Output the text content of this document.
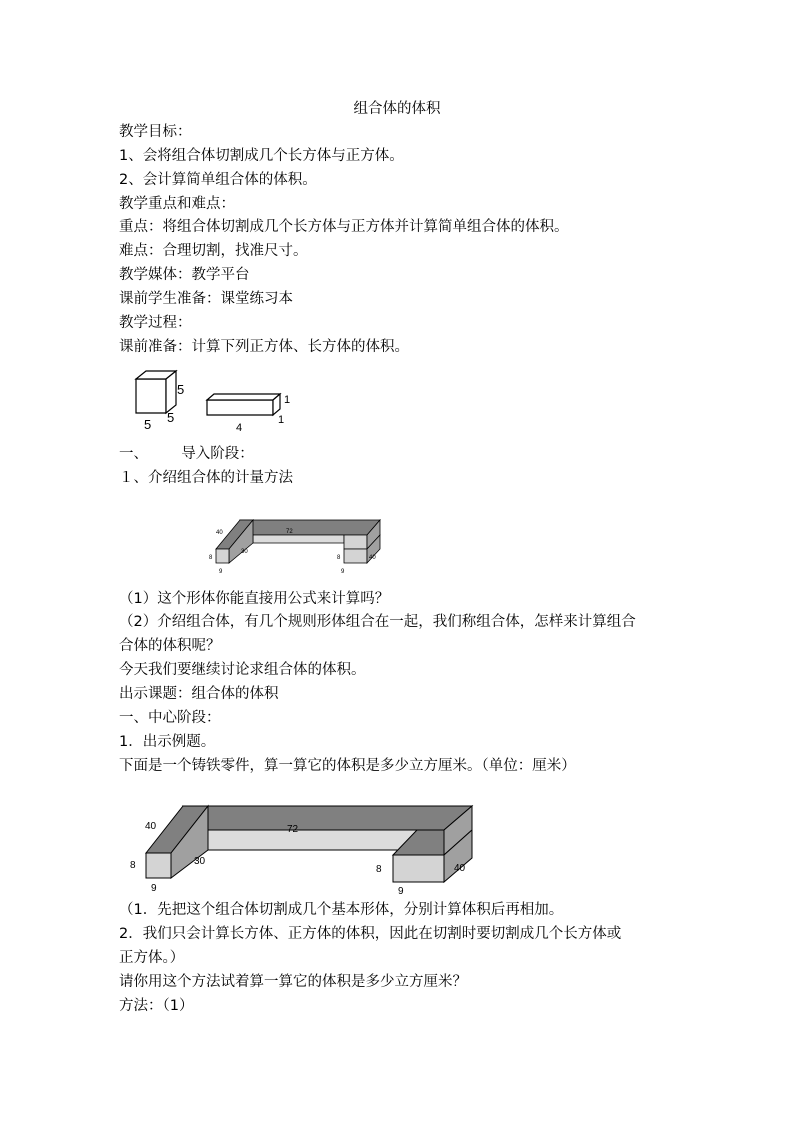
组合体的体积
教学目标：
1、会将组合体切割成几个长方体与正方体。
2、会计算简单组合体的体积。
教学重点和难点：
重点：将组合体切割成几个长方体与正方体并计算简单组合体的体积。
难点：合理切割，找准尺寸。
教学媒体：教学平台
课前学生准备：课堂练习本
教学过程：
课前准备：计算下列正方体、长方体的体积。
5
5
5
1
1
4
一、 导入阶段：
１、介绍组合体的计量方法
40	72
30
8	8	40
9	9
（1）这个形体你能直接用公式来计算吗？
（2）介绍组合体，有几个规则形体组合在一起，我们称组合体，怎样来计算组合
合体的体积呢？
今天我们要继续讨论求组合体的体积。
出示课题：组合体的体积
一、中心阶段：
1．出示例题。
下面是一个铸铁零件，算一算它的体积是多少立方厘米。（单位：厘米）
40	72
30
8	8	40
9	9
（1．先把这个组合体切割成几个基本形体，分别计算体积后再相加。
2．我们只会计算长方体、正方体的体积，因此在切割时要切割成几个长方体或
正方体。）
请你用这个方法试着算一算它的体积是多少立方厘米？
方法：（1）
